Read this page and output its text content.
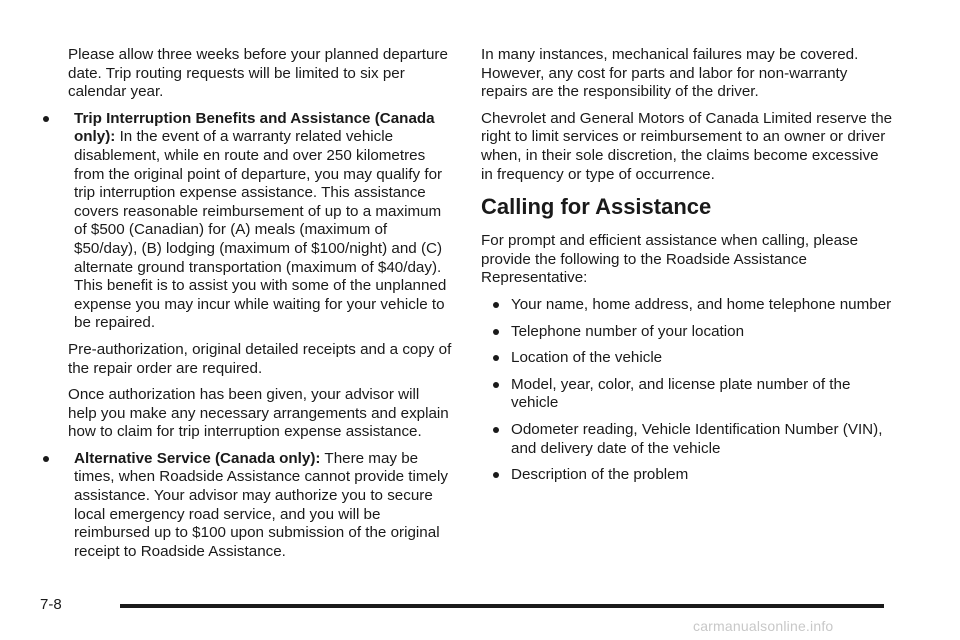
Please allow three weeks before your planned departure date. Trip routing requests will be limited to six per calendar year.

Trip Interruption Benefits and Assistance (Canada only): In the event of a warranty related vehicle disablement, while en route and over 250 kilometres from the original point of departure, you may qualify for trip interruption expense assistance. This assistance covers reasonable reimbursement of up to a maximum of $500 (Canadian) for (A) meals (maximum of $50/day), (B) lodging (maximum of $100/night) and (C) alternate ground transportation (maximum of $40/day). This benefit is to assist you with some of the unplanned expense you may incur while waiting for your vehicle to be repaired.

Pre-authorization, original detailed receipts and a copy of the repair order are required.

Once authorization has been given, your advisor will help you make any necessary arrangements and explain how to claim for trip interruption expense assistance.

Alternative Service (Canada only): There may be times, when Roadside Assistance cannot provide timely assistance. Your advisor may authorize you to secure local emergency road service, and you will be reimbursed up to $100 upon submission of the original receipt to Roadside Assistance.

In many instances, mechanical failures may be covered. However, any cost for parts and labor for non-warranty repairs are the responsibility of the driver.

Chevrolet and General Motors of Canada Limited reserve the right to limit services or reimbursement to an owner or driver when, in their sole discretion, the claims become excessive in frequency or type of occurrence.

Calling for Assistance

For prompt and efficient assistance when calling, please provide the following to the Roadside Assistance Representative:

Your name, home address, and home telephone number
Telephone number of your location
Location of the vehicle
Model, year, color, and license plate number of the vehicle
Odometer reading, Vehicle Identification Number (VIN), and delivery date of the vehicle
Description of the problem
7-8
carmanualsonline.info
